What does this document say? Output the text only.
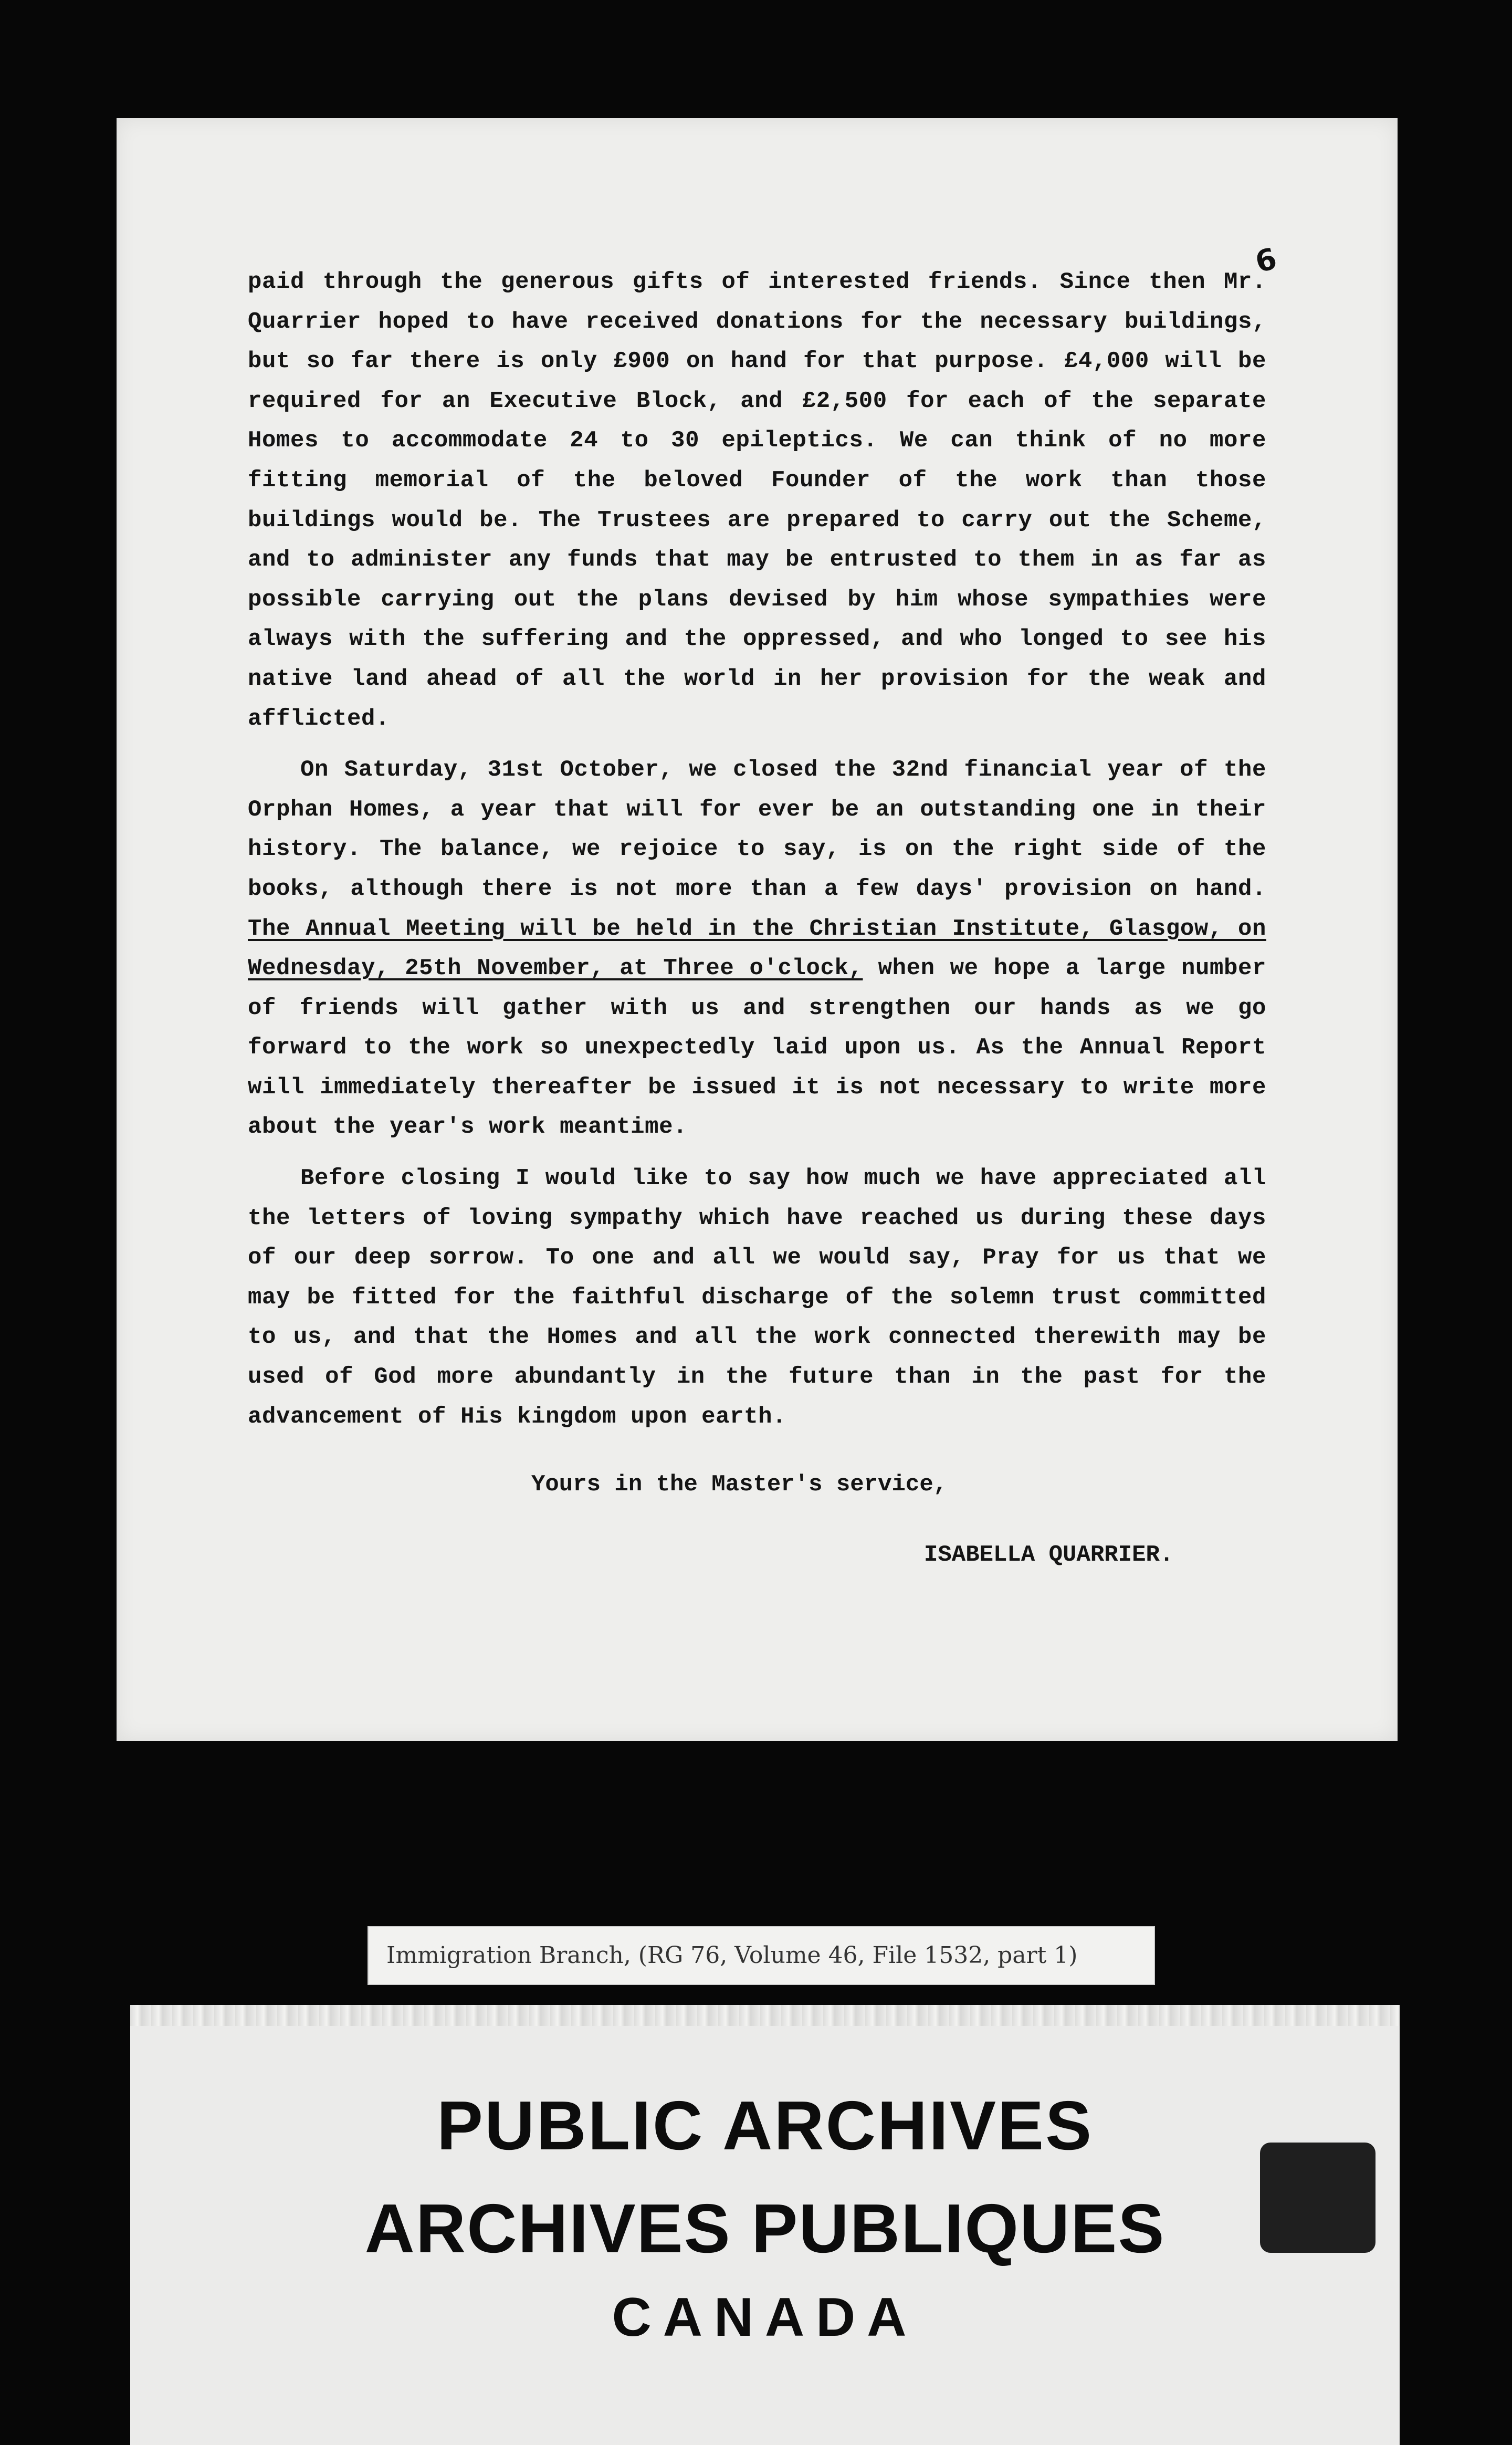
6

paid through the generous gifts of interested friends. Since then Mr. Quarrier hoped to have received donations for the necessary buildings, but so far there is only £900 on hand for that purpose. £4,000 will be required for an Executive Block, and £2,500 for each of the separate Homes to accommodate 24 to 30 epileptics. We can think of no more fitting memorial of the beloved Founder of the work than those buildings would be. The Trustees are prepared to carry out the Scheme, and to administer any funds that may be entrusted to them in as far as possible carrying out the plans devised by him whose sympathies were always with the suffering and the oppressed, and who longed to see his native land ahead of all the world in her provision for the weak and afflicted.

On Saturday, 31st October, we closed the 32nd financial year of the Orphan Homes, a year that will for ever be an outstanding one in their history. The balance, we rejoice to say, is on the right side of the books, although there is not more than a few days' provision on hand. The Annual Meeting will be held in the Christian Institute, Glasgow, on Wednesday, 25th November, at Three o'clock, when we hope a large number of friends will gather with us and strengthen our hands as we go forward to the work so unexpectedly laid upon us. As the Annual Report will immediately thereafter be issued it is not necessary to write more about the year's work meantime.

Before closing I would like to say how much we have appreciated all the letters of loving sympathy which have reached us during these days of our deep sorrow. To one and all we would say, Pray for us that we may be fitted for the faithful discharge of the solemn trust committed to us, and that the Homes and all the work connected therewith may be used of God more abundantly in the future than in the past for the advancement of His kingdom upon earth.

Yours in the Master's service,
ISABELLA QUARRIER.
Immigration Branch, (RG 76, Volume 46, File 1532, part 1)
PUBLIC ARCHIVES
ARCHIVES PUBLIQUES
CANADA
